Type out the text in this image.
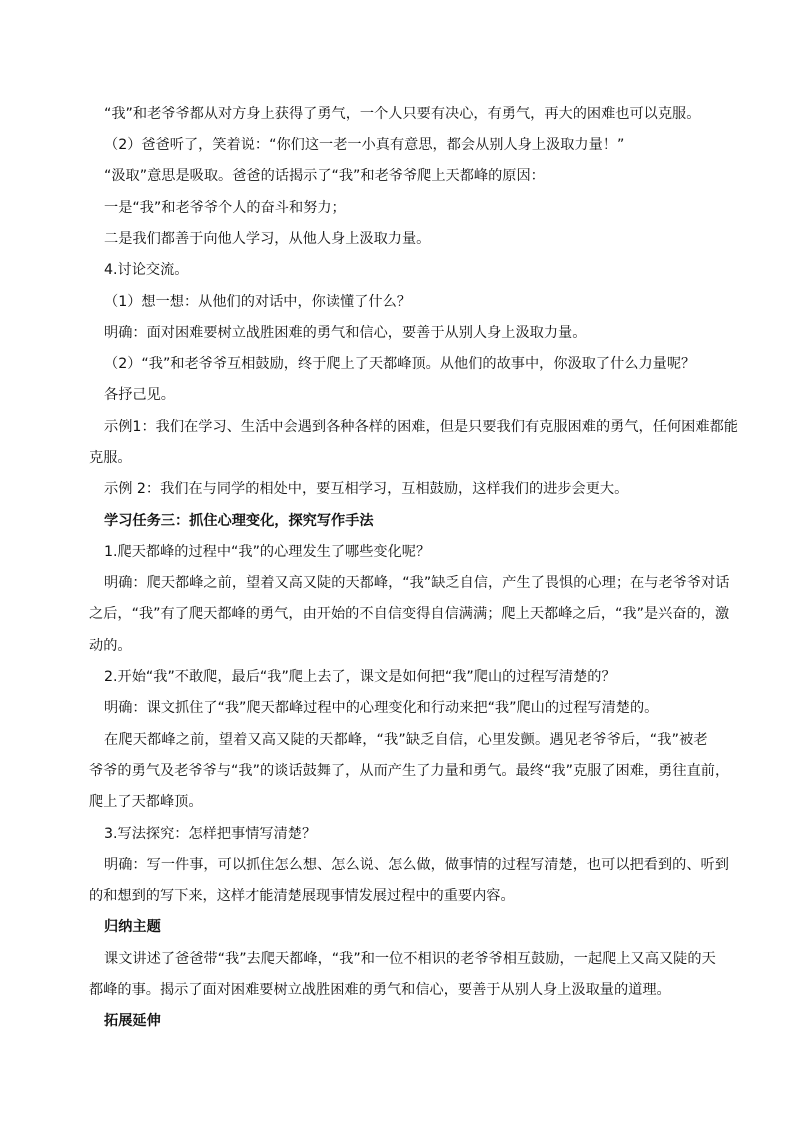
“我”和老爷爷都从对方身上获得了勇气，一个人只要有决心，有勇气，再大的困难也可以克服。
（2）爸爸听了，笑着说：“你们这一老一小真有意思，都会从别人身上汲取力量！”
“汲取”意思是吸取。爸爸的话揭示了“我”和老爷爷爬上天都峰的原因：
一是“我”和老爷爷个人的奋斗和努力；
二是我们都善于向他人学习，从他人身上汲取力量。
4.讨论交流。
（1）想一想：从他们的对话中，你读懂了什么？
明确：面对困难要树立战胜困难的勇气和信心，要善于从别人身上汲取力量。
（2）“我”和老爷爷互相鼓励，终于爬上了天都峰顶。从他们的故事中，你汲取了什么力量呢？
各抒己见。
示 例 1 ： 我 们 在 学 习 、 生 活 中 会 遇 到 各 种 各 样 的 困 难 ， 但 是 只 要 我 们 有 克 服 困 难 的 勇 气 ， 任 何 困 难 都 能
克服。
示例 2：我们在与同学的相处中，要互相学习，互相鼓励，这样我们的进步会更大。
学习任务三：抓住心理变化，探究写作手法
1.爬天都峰的过程中“我”的心理发生了哪些变化呢？
明 确 ： 爬 天 都 峰 之 前 ， 望 着 又 高 又 陡 的 天 都 峰 ， “ 我 ” 缺 乏 自 信 ， 产 生 了 畏 惧 的 心 理 ； 在 与 老 爷 爷 对 话
之 后 ， “ 我 ” 有 了 爬 天 都 峰 的 勇 气 ， 由 开 始 的 不 自 信 变 得 自 信 满 满 ； 爬 上 天 都 峰 之 后 ， “ 我 ” 是 兴 奋 的 ， 激
动的。
2.开始“我”不敢爬，最后“我”爬上去了，课文是如何把“我”爬山的过程写清楚的？
明确：课文抓住了“我”爬天都峰过程中的心理变化和行动来把“我”爬山的过程写清楚的。
在 爬 天 都 峰 之 前 ， 望 着 又 高 又 陡 的 天 都 峰 ， “ 我 ” 缺 乏 自 信 ， 心 里 发 颤 。 遇 见 老 爷 爷 后 ， “ 我 ” 被 老
爷 爷 的 勇 气 及 老 爷 爷 与 “ 我 ” 的 谈 话 鼓 舞 了 ， 从 而 产 生 了 力 量 和 勇 气 。 最 终 “ 我 ” 克 服 了 困 难 ， 勇 往 直 前 ，
爬上了天都峰顶。
3.写法探究：怎样把事情写清楚？
明 确 ： 写 一 件 事 ， 可 以 抓 住 怎 么 想 、 怎 么 说 、 怎 么 做 ， 做 事 情 的 过 程 写 清 楚 ， 也 可 以 把 看 到 的 、 听 到
的和想到的写下来，这样才能清楚展现事情发展过程中的重要内容。
归纳主题
课 文 讲 述 了 爸 爸 带 “ 我 ” 去 爬 天 都 峰 ， “ 我 ” 和 一 位 不 相 识 的 老 爷 爷 相 互 鼓 励 ， 一 起 爬 上 又 高 又 陡 的 天
都峰的事。揭示了面对困难要树立战胜困难的勇气和信心，要善于从别人身上汲取量的道理。
拓展延伸
